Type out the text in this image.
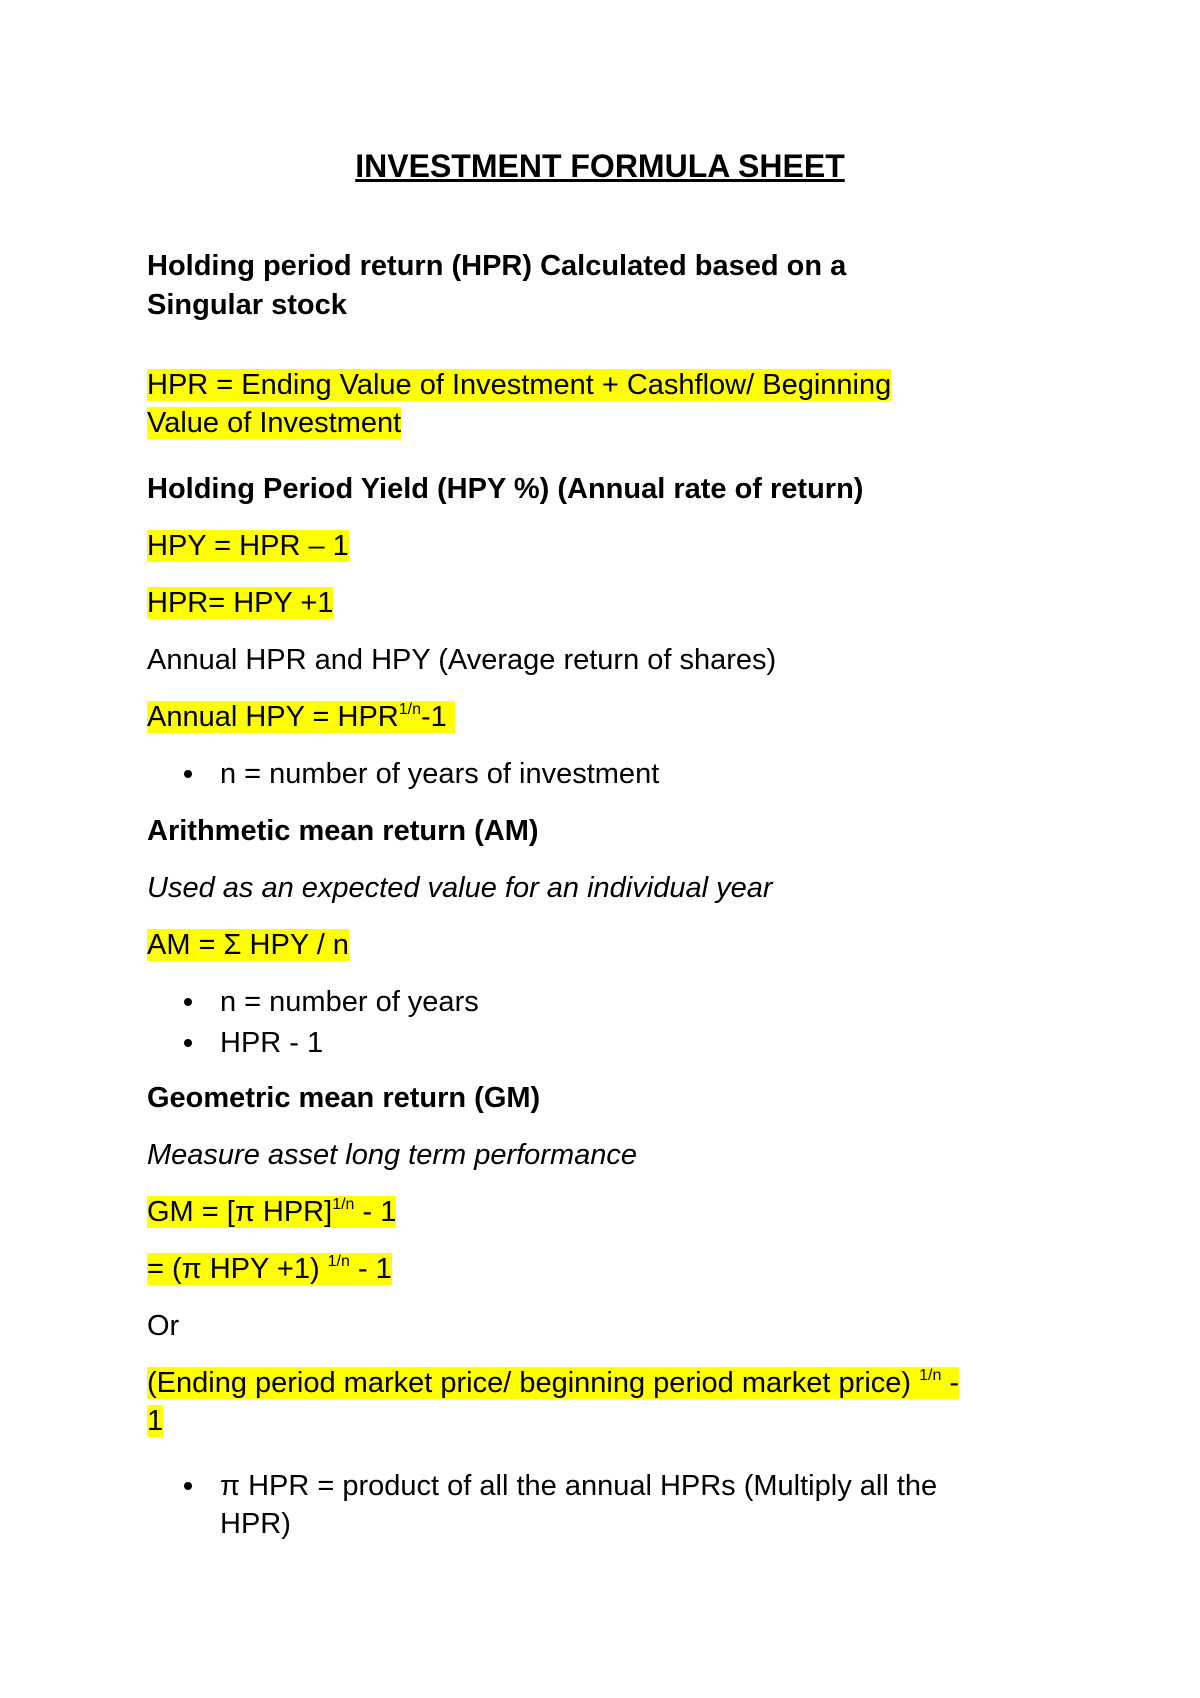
INVESTMENT FORMULA SHEET
Holding period return (HPR) Calculated based on a
Singular stock
HPR = Ending Value of Investment + Cashflow/ Beginning
Value of Investment
Holding Period Yield (HPY %) (Annual rate of return)
HPY = HPR – 1
HPR= HPY +1
Annual HPR and HPY (Average return of shares)
Annual HPY = $HPR^{1/n}-1$
n = number of years of investment
Arithmetic mean return (AM)
Used as an expected value for an individual year
AM = Σ HPY / n
n = number of years
HPR - 1
Geometric mean return (GM)
Measure asset long term performance
GM = [π HPR]$^{1/n}$ - 1
= (π HPY +1) $^{1/n}$ - 1
Or
(Ending period market price/ beginning period market price) $^{1/n}$ -
1
π HPR = product of all the annual HPRs (Multiply all the
HPR)
